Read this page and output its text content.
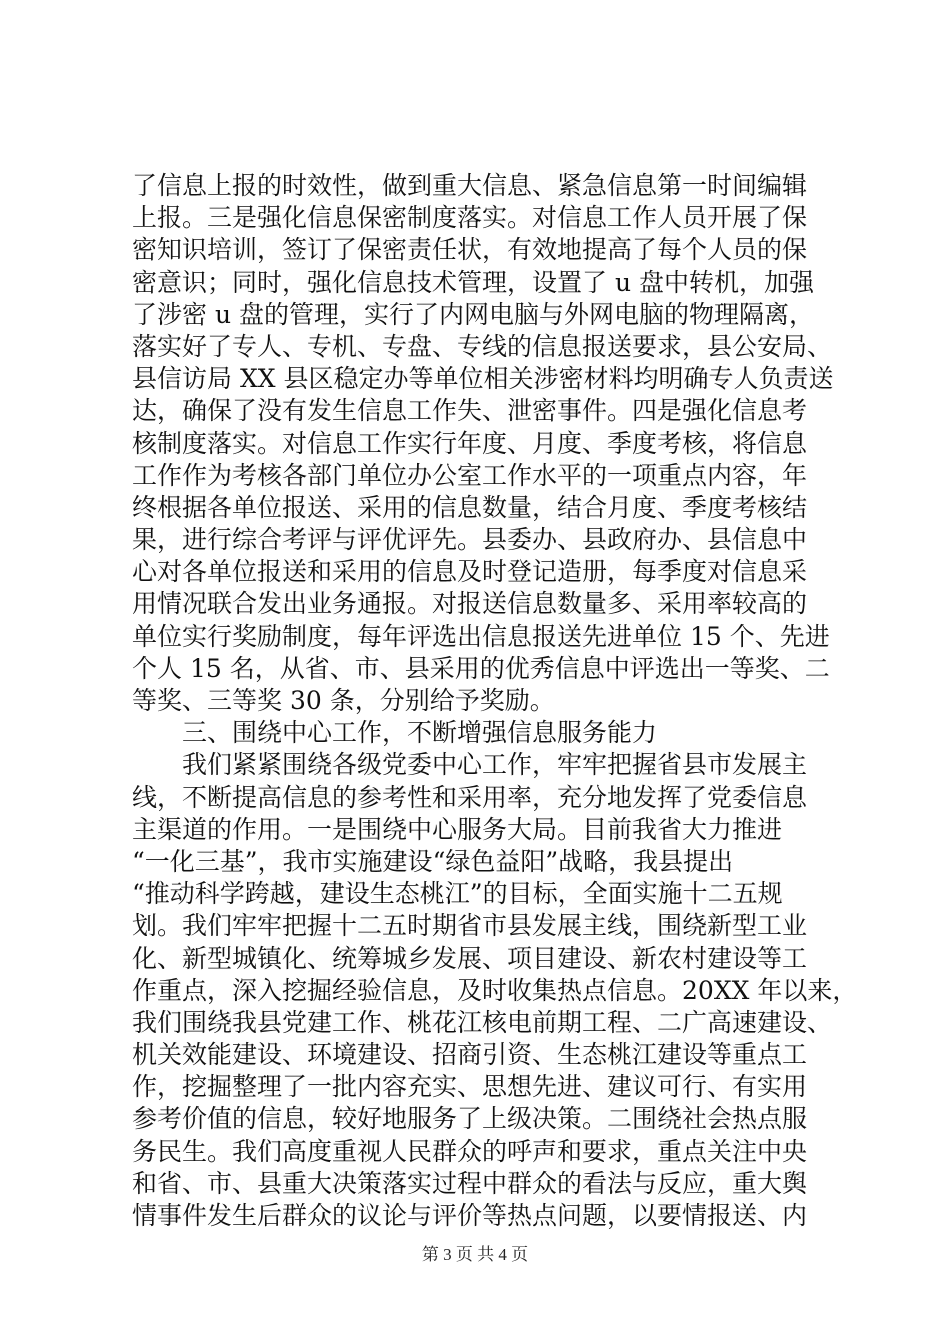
了信息上报的时效性，做到重大信息、紧急信息第一时间编辑
上报。三是强化信息保密制度落实。对信息工作人员开展了保
密知识培训，签订了保密责任状，有效地提高了每个人员的保
密意识；同时，强化信息技术管理，设置了 u 盘中转机，加强
了涉密 u 盘的管理，实行了内网电脑与外网电脑的物理隔离，
落实好了专人、专机、专盘、专线的信息报送要求，县公安局、
县信访局 XX 县区稳定办等单位相关涉密材料均明确专人负责送
达，确保了没有发生信息工作失、泄密事件。四是强化信息考
核制度落实。对信息工作实行年度、月度、季度考核，将信息
工作作为考核各部门单位办公室工作水平的一项重点内容，年
终根据各单位报送、采用的信息数量，结合月度、季度考核结
果，进行综合考评与评优评先。县委办、县政府办、县信息中
心对各单位报送和采用的信息及时登记造册，每季度对信息采
用情况联合发出业务通报。对报送信息数量多、采用率较高的
单位实行奖励制度，每年评选出信息报送先进单位 15 个、先进
个人 15 名，从省、市、县采用的优秀信息中评选出一等奖、二
等奖、三等奖 30 条，分别给予奖励。
　　三、围绕中心工作，不断增强信息服务能力
　　我们紧紧围绕各级党委中心工作，牢牢把握省县市发展主
线，不断提高信息的参考性和采用率，充分地发挥了党委信息
主渠道的作用。一是围绕中心服务大局。目前我省大力推进
“一化三基”，我市实施建设“绿色益阳”战略，我县提出
“推动科学跨越，建设生态桃江”的目标，全面实施十二五规
划。我们牢牢把握十二五时期省市县发展主线，围绕新型工业
化、新型城镇化、统筹城乡发展、项目建设、新农村建设等工
作重点，深入挖掘经验信息，及时收集热点信息。20XX 年以来，
我们围绕我县党建工作、桃花江核电前期工程、二广高速建设、
机关效能建设、环境建设、招商引资、生态桃江建设等重点工
作，挖掘整理了一批内容充实、思想先进、建议可行、有实用
参考价值的信息，较好地服务了上级决策。二围绕社会热点服
务民生。我们高度重视人民群众的呼声和要求，重点关注中央
和省、市、县重大决策落实过程中群众的看法与反应，重大舆
情事件发生后群众的议论与评价等热点问题，以要情报送、内
第 3 页 共 4 页
